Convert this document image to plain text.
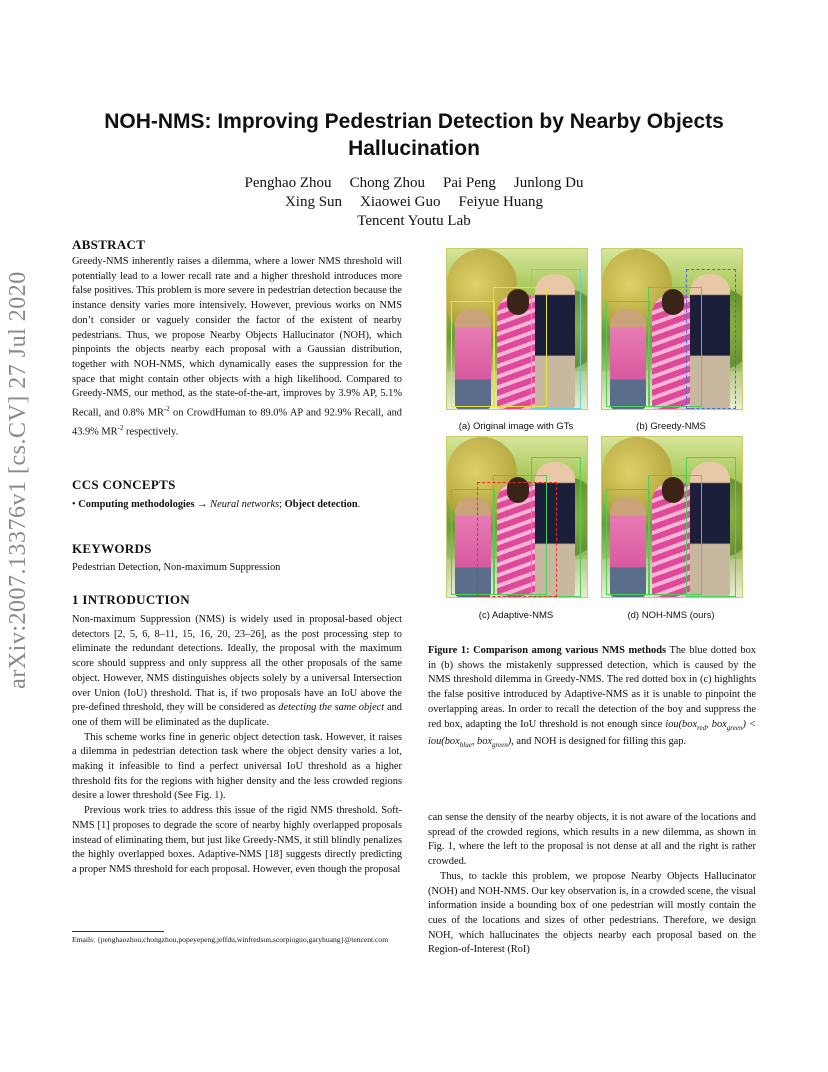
arXiv:2007.13376v1 [cs.CV] 27 Jul 2020
NOH-NMS: Improving Pedestrian Detection by Nearby Objects Hallucination
Penghao Zhou Chong Zhou Pai Peng Junlong Du
Xing Sun Xiaowei Guo Feiyue Huang
Tencent Youtu Lab
ABSTRACT

Greedy-NMS inherently raises a dilemma, where a lower NMS threshold will potentially lead to a lower recall rate and a higher threshold introduces more false positives. This problem is more severe in pedestrian detection because the instance density varies more intensively. However, previous works on NMS don’t consider or vaguely consider the factor of the existent of nearby pedestrians. Thus, we propose Nearby Objects Hallucinator (NOH), which pinpoints the objects nearby each proposal with a Gaussian distribution, together with NOH-NMS, which dynamically eases the suppression for the space that might contain other objects with a high likelihood. Compared to Greedy-NMS, our method, as the state-of-the-art, improves by 3.9% AP, 5.1% Recall, and 0.8% $MR^{-2}$ on CrowdHuman to 89.0% AP and 92.9% Recall, and 43.9% $MR^{-2}$ respectively.

CCS CONCEPTS

• Computing methodologies → Neural networks; Object detection.

KEYWORDS
Pedestrian Detection, Non-maximum Suppression
1 INTRODUCTION

Non-maximum Suppression (NMS) is widely used in proposal-based object detectors [2, 5, 6, 8–11, 15, 16, 20, 23–26], as the post processing step to eliminate the redundant detections. Ideally, the proposal with the maximum score should suppress and only suppress all the other proposals of the same object. However, NMS distinguishes objects solely by a universal Intersection over Union (IoU) threshold. That is, if two proposals have an IoU above the pre-defined threshold, they will be considered as detecting the same object and one of them will be eliminated as the duplicate.

This scheme works fine in generic object detection task. However, it raises a dilemma in pedestrian detection task where the object density varies a lot, making it infeasible to find a perfect universal IoU threshold as a higher threshold fits for the regions with higher density and the less crowded regions desire a lower threshold (See Fig. 1).

Previous work tries to address this issue of the rigid NMS threshold. Soft-NMS [1] proposes to degrade the score of nearby highly overlapped proposals instead of eliminating them, but just like Greedy-NMS, it still blindly penalizes the highly overlapped boxes. Adaptive-NMS [18] suggests directly predicting a proper NMS threshold for each proposal. However, even though the proposal

Emails: {penghaozhou,chongzhou,popeyepeng,jeffdu,winfredsun,scorpioguo,garyhuang}@tencent.com
(a) Original image with GTs	(b) Greedy-NMS
(c) Adaptive-NMS	(d) NOH-NMS (ours)

Figure 1: Comparison among various NMS methods The blue dotted box in (b) shows the mistakenly suppressed detection, which is caused by the NMS threshold dilemma in Greedy-NMS. The red dotted box in (c) highlights the false positive introduced by Adaptive-NMS as it is unable to pinpoint the overlapping areas. In order to recall the detection of the boy and suppress the red box, adapting the IoU threshold is not enough since iou(box$_{red}$, box$_{green}$) < iou(box$_{blue}$, box$_{green}$), and NOH is designed for filling this gap.

can sense the density of the nearby objects, it is not aware of the locations and spread of the crowded regions, which results in a new dilemma, as shown in Fig. 1, where the left to the proposal is not dense at all and the right is rather crowded.

Thus, to tackle this problem, we propose Nearby Objects Hallucinator (NOH) and NOH-NMS. Our key observation is, in a crowded scene, the visual information inside a bounding box of one pedestrian will mostly contain the cues of the locations and sizes of other pedestrians. Therefore, we design NOH, which hallucinates the objects nearby each proposal based on the Region-of-Interest (RoI)
